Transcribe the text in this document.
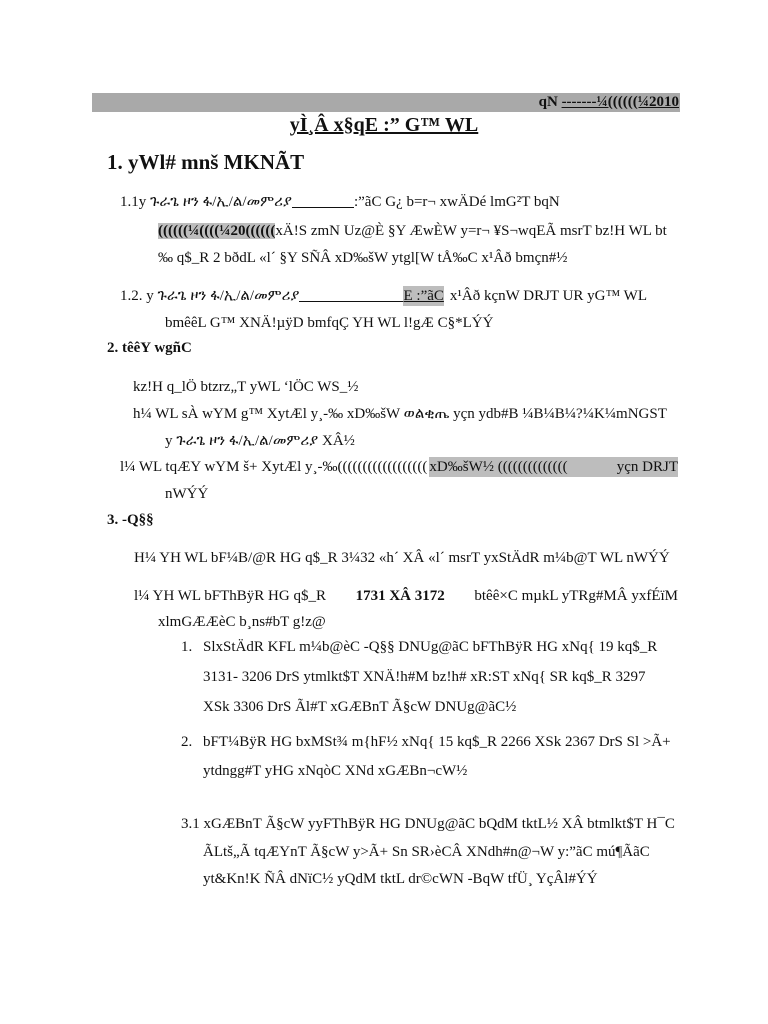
qN -------¼((((((¼2010
yÌ¸Â x§qE :” G™ WL
1. yWl# mnš MKNÃT
1.1y ጉራጌ ዞን ፋ/ኢ/ል/መምሪያ	:”ãC G¿ b=r¬ xwÄDé lmG²T bqN
((((((¼((((¼20((((((xÄ!S zmN Uz@È §Y ÆwÈW y=r¬ ¥S¬wqEÃ msrT bz!H WL bt
‰ q$_R 2 bðdL «l´ §Y SÑÂ xD‰šW ytgl[W tÅ‰C x¹Âð bmçn#½
1.2. y ጉራጌ ዞን ፋ/ኢ/ል/መምሪያ	E :”ãC x¹Âð kçnW DRJT UR yG™ WL
bmêêL G™ XNÄ!µÿD bmfqÇ YH WL l!gÆ C§*LÝÝ
2. têêY wgñC
kz!H q_lÖ btzrz„T yWL ‘lÖC WS_½
h¼ WL sÀ wYM g™ XytÆl y¸-‰ xD‰šW ወልቂጤ yçn ydb#B ¼B¼B¼?¼K¼mNGST
y ጉራጌ ዞን ፋ/ኢ/ል/መምሪያ XÂ½
l¼ WL tqÆY wYM š+ XytÆl y¸-‰(((((((((((((((((( xD‰šW½ ((((((((((((((	yçn DRJT
nWÝÝ
3. -Q§§
H¼ YH WL bF¼B/@R HG q$_R 3¼32 «h´ XÂ «l´ msrT yxStÄdR m¼b@T WL nWÝÝ
l¼ YH WL bFThBÿR HG q$_R 1731 XÂ 3172 btêê×C mµkL yTRg#MÂ yxfÉïM
xlmGÆÆèC b¸ns#bT g!z@
1. SlxStÄdR KFL m¼b@èC -Q§§ DNUg@ãC bFThBÿR HG xNq{ 19 kq$_R
3131- 3206 DrS ytmlkt$T XNÄ!h#M bz!h# xR:ST xNq{ SR kq$_R 3297
XSk 3306 DrS Ãl#T xGÆBnT Ã§cW DNUg@ãC½
2. bFT¼BÿR HG bxMSt¾ m{hF½ xNq{ 15 kq$_R 2266 XSk 2367 DrS Sl >Ã+
ytdngg#T yHG xNqòC XNd xGÆBn¬cW½
3.1 xGÆBnT Ã§cW yyFThBÿR HG DNUg@ãC bQdM tktL½ XÂ btmlkt$T H¯C
ÃLtš„Ã tqÆYnT Ã§cW y>Ã+ Sn SR›èCÂ XNdh#n@¬W y:”ãC mú¶ÃãC
yt&Kn!K ÑÂ dNïC½ yQdM tktL dr©cWN -BqW tfÜ¸ YçÂl#ÝÝ
